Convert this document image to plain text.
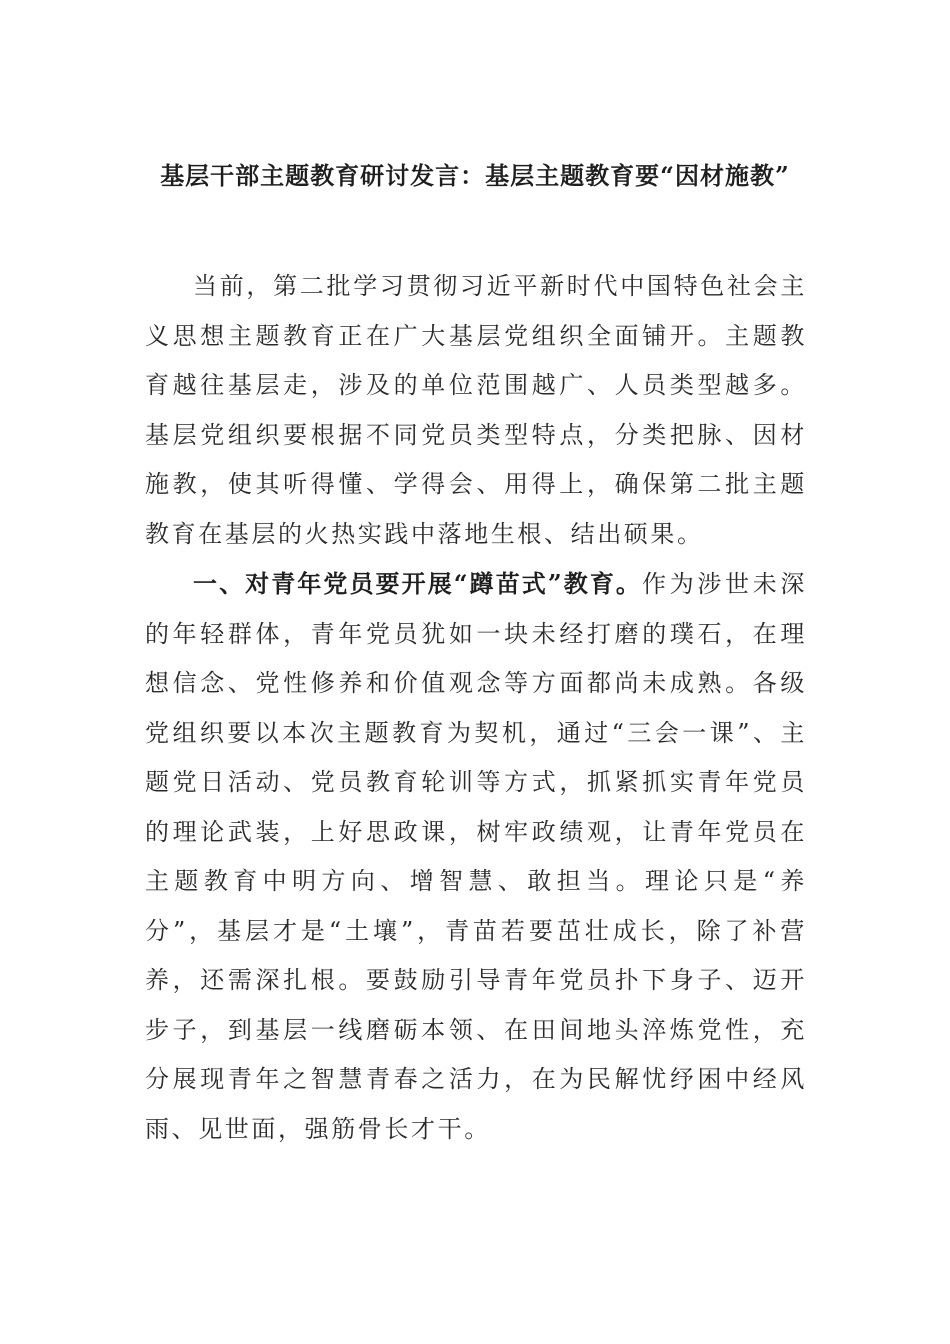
基层干部主题教育研讨发言：基层主题教育要“因材施教”

当前，第二批学习贯彻习近平新时代中国特色社会主义思想主题教育正在广大基层党组织全面铺开。主题教育越往基层走，涉及的单位范围越广、人员类型越多。基层党组织要根据不同党员类型特点，分类把脉、因材施教，使其听得懂、学得会、用得上，确保第二批主题教育在基层的火热实践中落地生根、结出硕果。

一、对青年党员要开展“蹲苗式”教育。作为涉世未深的年轻群体，青年党员犹如一块未经打磨的璞石，在理想信念、党性修养和价值观念等方面都尚未成熟。各级党组织要以本次主题教育为契机，通过“三会一课”、主题党日活动、党员教育轮训等方式，抓紧抓实青年党员的理论武装，上好思政课，树牢政绩观，让青年党员在主题教育中明方向、增智慧、敢担当。理论只是“养分”，基层才是“土壤”，青苗若要茁壮成长，除了补营养，还需深扎根。要鼓励引导青年党员扑下身子、迈开步子，到基层一线磨砺本领、在田间地头淬炼党性，充分展现青年之智慧青春之活力，在为民解忧纾困中经风雨、见世面，强筋骨长才干。
